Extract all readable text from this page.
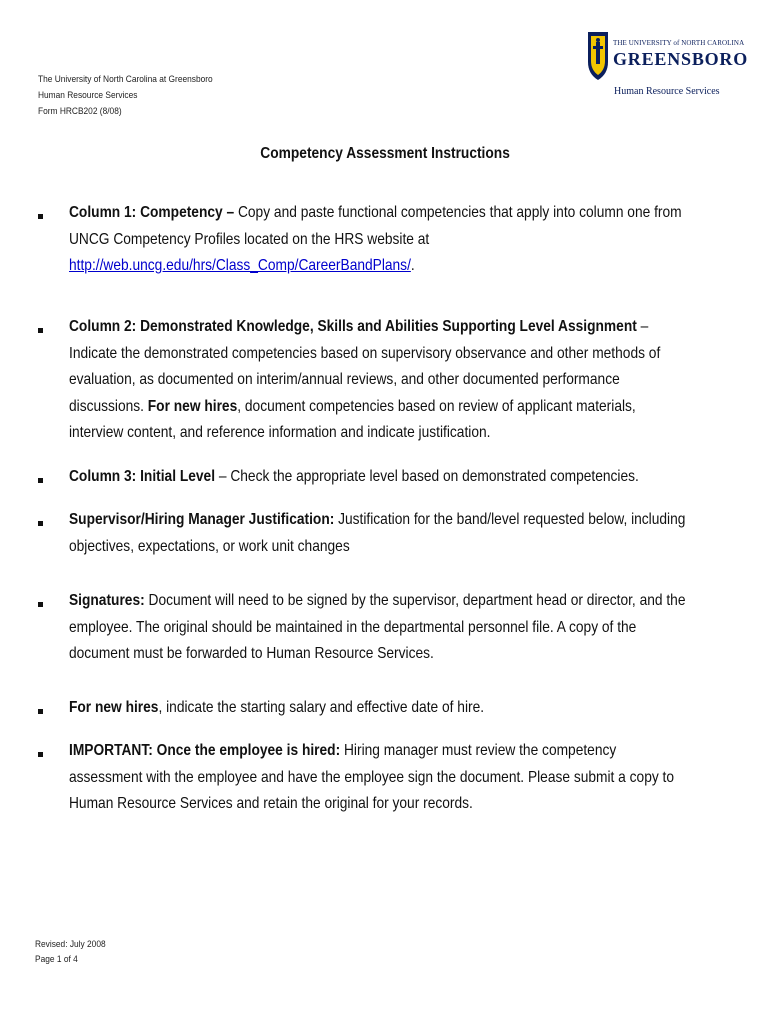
The University of North Carolina at Greensboro
Human Resource Services
Form HRCB202 (8/08)
THE UNIVERSITY of NORTH CAROLINA
GREENSBORO
Human Resource Services
Competency Assessment Instructions
Column 1: Competency – Copy and paste functional competencies that apply into column one from
UNCG Competency Profiles located on the HRS website at
http://web.uncg.edu/hrs/Class_Comp/CareerBandPlans/.
Column 2: Demonstrated Knowledge, Skills and Abilities Supporting Level Assignment – Indicate the demonstrated competencies based on supervisory observance and other methods of evaluation, as documented on interim/annual reviews, and other documented performance discussions. For new hires, document competencies based on review of applicant materials, interview content, and reference information and indicate justification.
Column 3: Initial Level – Check the appropriate level based on demonstrated competencies.
Supervisor/Hiring Manager Justification: Justification for the band/level requested below, including objectives, expectations, or work unit changes
Signatures: Document will need to be signed by the supervisor, department head or director, and the employee. The original should be maintained in the departmental personnel file. A copy of the document must be forwarded to Human Resource Services.
For new hires, indicate the starting salary and effective date of hire.
IMPORTANT: Once the employee is hired: Hiring manager must review the competency assessment with the employee and have the employee sign the document. Please submit a copy to Human Resource Services and retain the original for your records.
Revised: July 2008
Page 1 of 4
